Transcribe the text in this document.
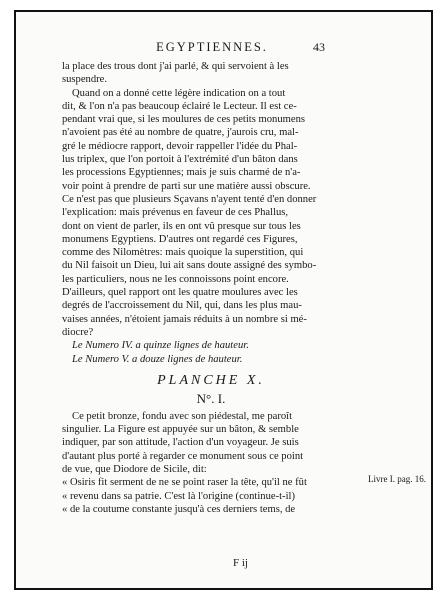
EGYPTIENNES.	43
la place des trous dont j'ai parlé, & qui servoient à les
suspendre.
Quand on a donné cette légère indication on a tout
dit, & l'on n'a pas beaucoup éclairé le Lecteur. Il est ce-
pendant vrai que, si les moulures de ces petits monumens
n'avoient pas été au nombre de quatre, j'aurois cru, mal-
gré le médiocre rapport, devoir rappeller l'idée du Phal-
lus triplex, que l'on portoit à l'extrémité d'un bâton dans
les processions Egyptiennes; mais je suis charmé de n'a-
voir point à prendre de parti sur une matière aussi obscure.
Ce n'est pas que plusieurs Sçavans n'ayent tenté d'en donner
l'explication: mais prévenus en faveur de ces Phallus,
dont on vient de parler, ils en ont vû presque sur tous les
monumens Egyptiens. D'autres ont regardé ces Figures,
comme des Nilomètres: mais quoique la superstition, qui
du Nil faisoit un Dieu, lui ait sans doute assigné des symbo-
les particuliers, nous ne les connoissons point encore.
D'ailleurs, quel rapport ont les quatre moulures avec les
degrés de l'accroissement du Nil, qui, dans les plus mau-
vaises années, n'étoient jamais réduits à un nombre si mé-
diocre?
Le Numero IV. a quinze lignes de hauteur.
Le Numero V. a douze lignes de hauteur.
PLANCHE X.
N°. I.
Ce petit bronze, fondu avec son piédestal, me paroît
singulier. La Figure est appuyée sur un bâton, & semble
indiquer, par son attitude, l'action d'un voyageur. Je suis
d'autant plus porté à regarder ce monument sous ce point
de vue, que Diodore de Sicile, dit:
« Osiris fit serment de ne se point raser la tête, qu'il ne fût
« revenu dans sa patrie. C'est là l'origine (continue-t-il)
« de la coutume constante jusqu'à ces derniers tems, de
Livre I. pag. 16.
F ij
